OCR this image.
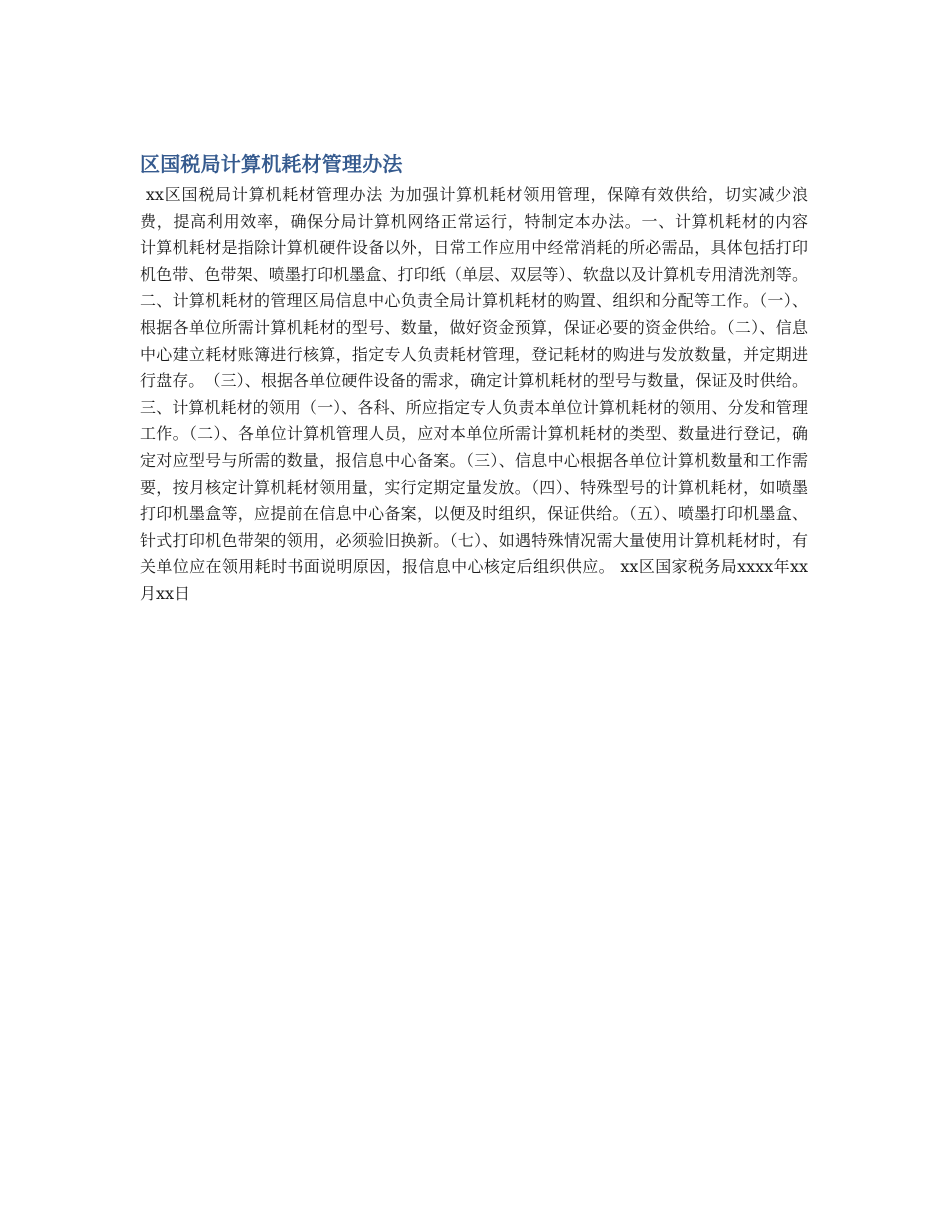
区国税局计算机耗材管理办法

xx区国税局计算机耗材管理办法 为加强计算机耗材领用管理，保障有效供给，切实减少浪费，提高利用效率，确保分局计算机网络正常运行，特制定本办法。一、计算机耗材的内容　计算机耗材是指除计算机硬件设备以外，日常工作应用中经常消耗的所必需品，具体包括打印机色带、色带架、喷墨打印机墨盒、打印纸（单层、双层等）、软盘以及计算机专用清洗剂等。二、计算机耗材的管理区局信息中心负责全局计算机耗材的购置、组织和分配等工作。（一）、根据各单位所需计算机耗材的型号、数量，做好资金预算，保证必要的资金供给。（二）、信息中心建立耗材账簿进行核算，指定专人负责耗材管理，登记耗材的购进与发放数量，并定期进行盘存。　（三）、根据各单位硬件设备的需求，确定计算机耗材的型号与数量，保证及时供给。三、计算机耗材的领用（一）、各科、所应指定专人负责本单位计算机耗材的领用、分发和管理工作。（二）、各单位计算机管理人员，应对本单位所需计算机耗材的类型、数量进行登记，确定对应型号与所需的数量，报信息中心备案。（三）、信息中心根据各单位计算机数量和工作需要，按月核定计算机耗材领用量，实行定期定量发放。（四）、特殊型号的计算机耗材，如喷墨打印机墨盒等，应提前在信息中心备案，以便及时组织，保证供给。（五）、喷墨打印机墨盒、针式打印机色带架的领用，必须验旧换新。（七）、如遇特殊情况需大量使用计算机耗材时，有关单位应在领用耗时书面说明原因，报信息中心核定后组织供应。 xx区国家税务局xxxx年xx月xx日
